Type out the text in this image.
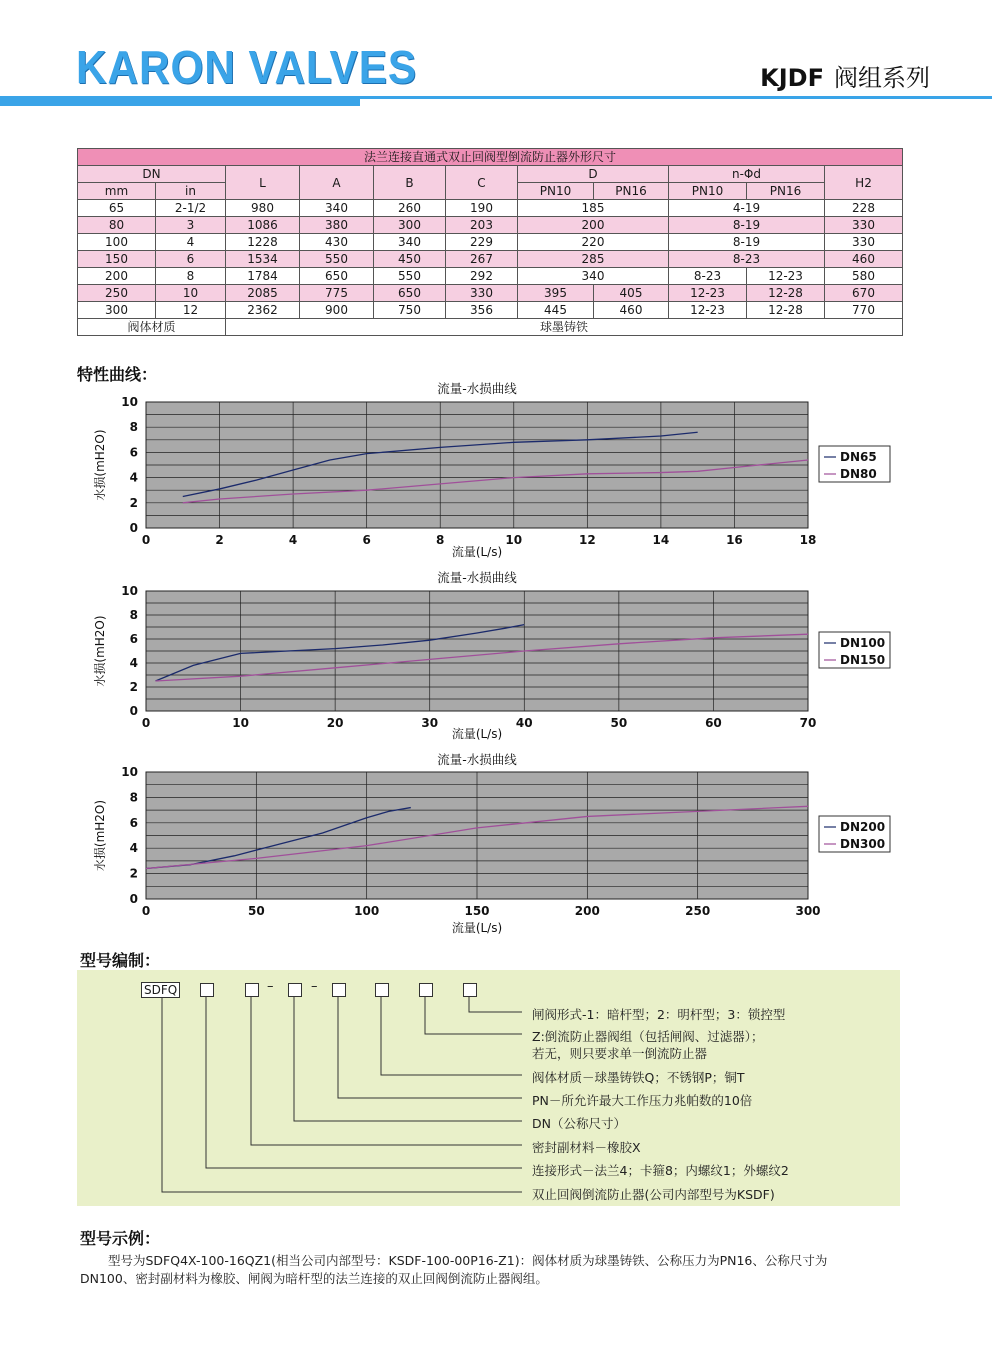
KARON VALVES	KJDF 阀组系列
法兰连接直通式双止回阀型倒流防止器外形尺寸										
DN		L	A	B	C	D		n-Φd		H2
mm	in					PN10	PN16	PN10	PN16	
65	2-1/2	980	340	260	190	185		4-19		228
80	3	1086	380	300	203	200		8-19		330
100	4	1228	430	340	229	220		8-19		330
150	6	1534	550	450	267	285		8-23		460
200	8	1784	650	550	292	340		8-23	12-23	580
250	10	2085	775	650	330	395	405	12-23	12-28	670
300	12	2362	900	750	356	445	460	12-23	12-28	770
阀体材质		球墨铸铁								
特性曲线：
0	2	4	6	8	10	12	14	16	18
0
2
4
6
8
10
流量-水损曲线
流量(L/s)
水损(mH2O)	DN65
DN80
0	10	20	30	40	50	60	70
0
2
4
6
8
10
流量-水损曲线
流量(L/s)
水损(mH2O)	DN100
DN150
0	50	100	150	200	250	300
0
2
4
6
8
10
流量-水损曲线
流量(L/s)
水损(mH2O)	DN200
DN300
型号编制：
SDFQ	–	–
闸阀形式-1：暗杆型；2：明杆型；3：锁控型
Z:倒流防止器阀组（包括闸阀、过滤器）；
若无，则只要求单一倒流防止器
阀体材质－球墨铸铁Q；不锈钢P；铜T
PN－所允许最大工作压力兆帕数的10倍
DN（公称尺寸）
密封副材料－橡胶X
连接形式－法兰4；卡箍8；内螺纹1；外螺纹2
双止回阀倒流防止器(公司内部型号为KSDF)
型号示例：
型号为SDFQ4X-100-16QZ1(相当公司内部型号：KSDF-100-00P16-Z1)：阀体材质为球墨铸铁、公称压力为PN16、公称尺寸为DN100、密封副材料为橡胶、闸阀为暗杆型的法兰连接的双止回阀倒流防止器阀组。
